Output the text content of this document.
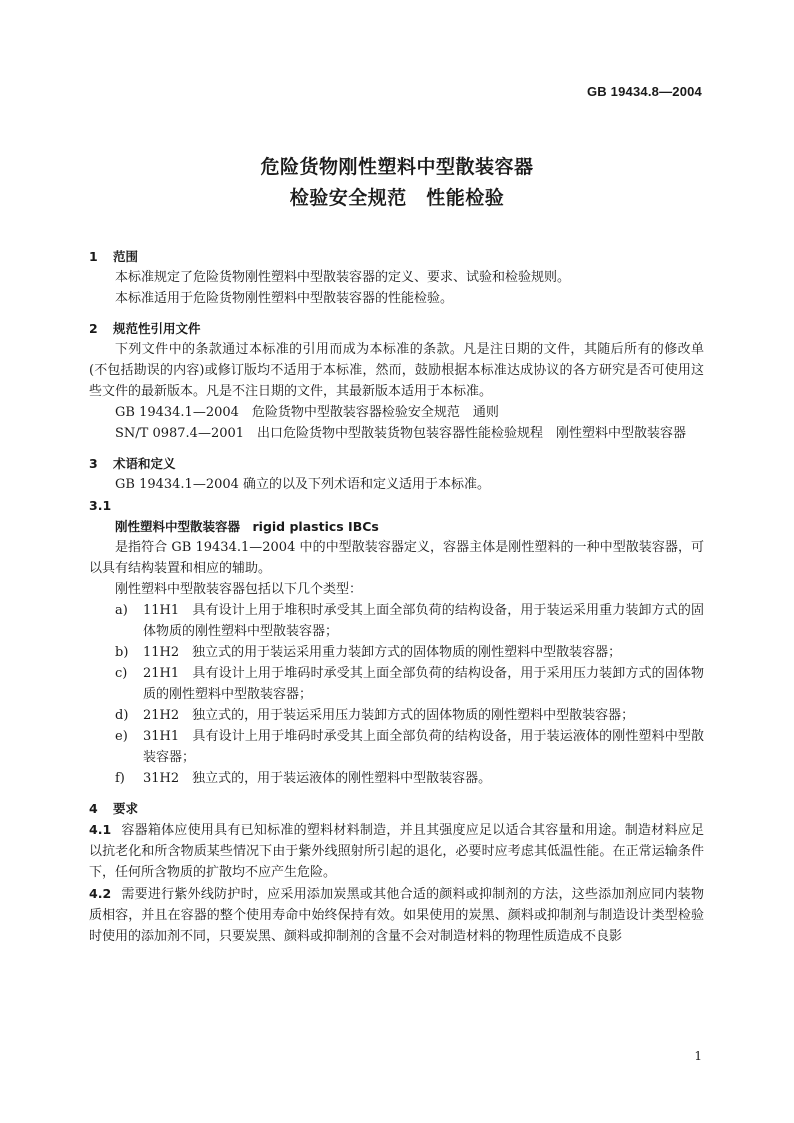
GB 19434.8—2004
危险货物刚性塑料中型散装容器
检验安全规范　性能检验

1 范围

本标准规定了危险货物刚性塑料中型散装容器的定义、要求、试验和检验规则。

本标准适用于危险货物刚性塑料中型散装容器的性能检验。

2 规范性引用文件

下列文件中的条款通过本标准的引用而成为本标准的条款。凡是注日期的文件，其随后所有的修改单(不包括勘误的内容)或修订版均不适用于本标准，然而，鼓励根据本标准达成协议的各方研究是否可使用这些文件的最新版本。凡是不注日期的文件，其最新版本适用于本标准。

GB 19434.1—2004　危险货物中型散装容器检验安全规范　通则

SN/T 0987.4—2001　出口危险货物中型散装货物包装容器性能检验规程　刚性塑料中型散装容器

3 术语和定义

GB 19434.1—2004 确立的以及下列术语和定义适用于本标准。

3.1

刚性塑料中型散装容器　rigid plastics IBCs

是指符合 GB 19434.1—2004 中的中型散装容器定义，容器主体是刚性塑料的一种中型散装容器，可以具有结构装置和相应的辅助。

刚性塑料中型散装容器包括以下几个类型：

a)	11H1　具有设计上用于堆积时承受其上面全部负荷的结构设备，用于装运采用重力装卸方式的固体物质的刚性塑料中型散装容器；
b)	11H2　独立式的用于装运采用重力装卸方式的固体物质的刚性塑料中型散装容器；
c)	21H1　具有设计上用于堆码时承受其上面全部负荷的结构设备，用于采用压力装卸方式的固体物质的刚性塑料中型散装容器；
d)	21H2　独立式的，用于装运采用压力装卸方式的固体物质的刚性塑料中型散装容器；
e)	31H1　具有设计上用于堆码时承受其上面全部负荷的结构设备，用于装运液体的刚性塑料中型散装容器；
f)	31H2　独立式的，用于装运液体的刚性塑料中型散装容器。

4 要求

4.1 容器箱体应使用具有已知标准的塑料材料制造，并且其强度应足以适合其容量和用途。制造材料应足以抗老化和所含物质某些情况下由于紫外线照射所引起的退化，必要时应考虑其低温性能。在正常运输条件下，任何所含物质的扩散均不应产生危险。

4.2 需要进行紫外线防护时，应采用添加炭黑或其他合适的颜料或抑制剂的方法，这些添加剂应同内装物质相容，并且在容器的整个使用寿命中始终保持有效。如果使用的炭黑、颜料或抑制剂与制造设计类型检验时使用的添加剂不同，只要炭黑、颜料或抑制剂的含量不会对制造材料的物理性质造成不良影

1
